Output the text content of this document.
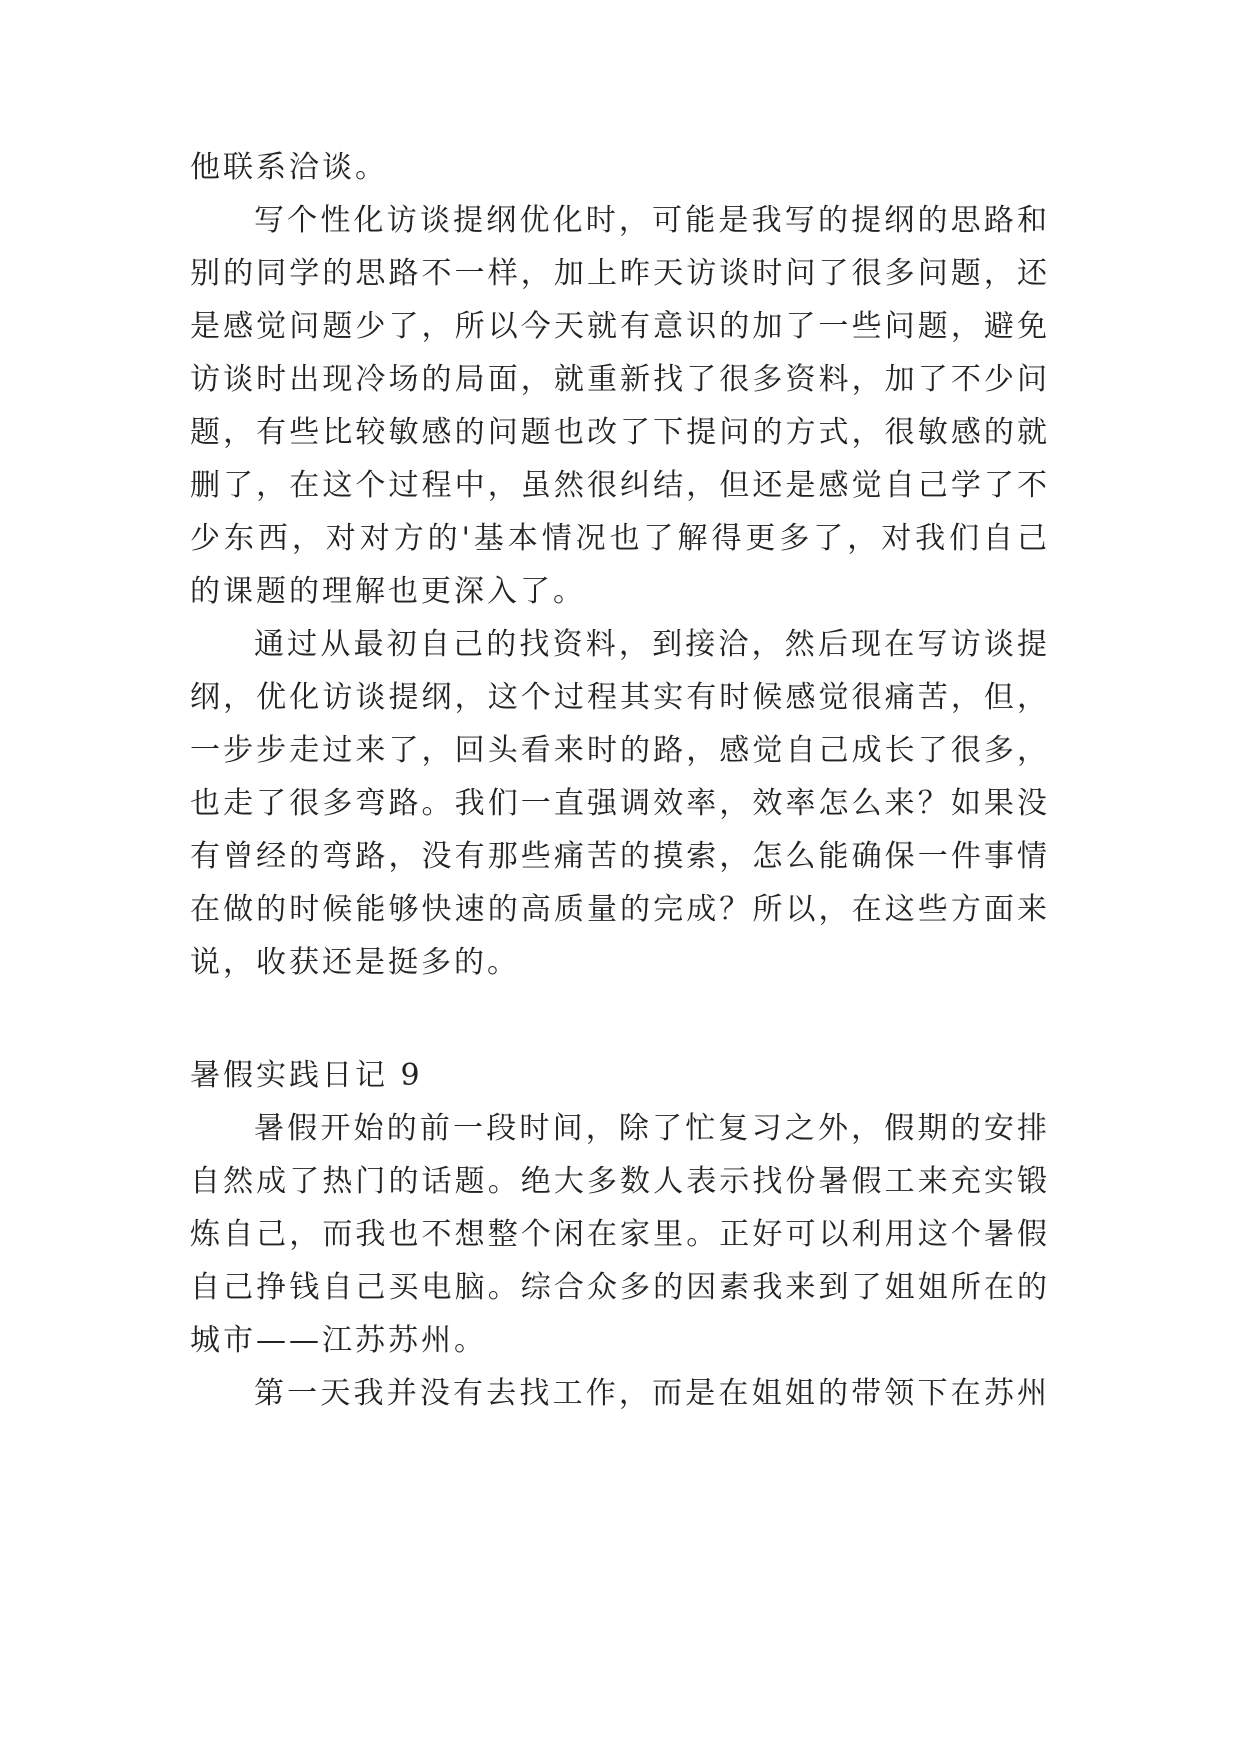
他联系洽谈。
写个性化访谈提纲优化时，可能是我写的提纲的思路和
别的同学的思路不一样，加上昨天访谈时问了很多问题，还
是感觉问题少了，所以今天就有意识的加了一些问题，避免
访谈时出现冷场的局面，就重新找了很多资料，加了不少问
题，有些比较敏感的问题也改了下提问的方式，很敏感的就
删了，在这个过程中，虽然很纠结，但还是感觉自己学了不
少东西，对对方的'基本情况也了解得更多了，对我们自己
的课题的理解也更深入了。
通过从最初自己的找资料，到接洽，然后现在写访谈提
纲，优化访谈提纲，这个过程其实有时候感觉很痛苦，但，
一步步走过来了，回头看来时的路，感觉自己成长了很多，
也走了很多弯路。我们一直强调效率，效率怎么来？如果没
有曾经的弯路，没有那些痛苦的摸索，怎么能确保一件事情
在做的时候能够快速的高质量的完成？所以，在这些方面来
说，收获还是挺多的。
暑假实践日记 9
暑假开始的前一段时间，除了忙复习之外，假期的安排
自然成了热门的话题。绝大多数人表示找份暑假工来充实锻
炼自己，而我也不想整个闲在家里。正好可以利用这个暑假
自己挣钱自己买电脑。综合众多的因素我来到了姐姐所在的
城市——江苏苏州。
第一天我并没有去找工作，而是在姐姐的带领下在苏州
